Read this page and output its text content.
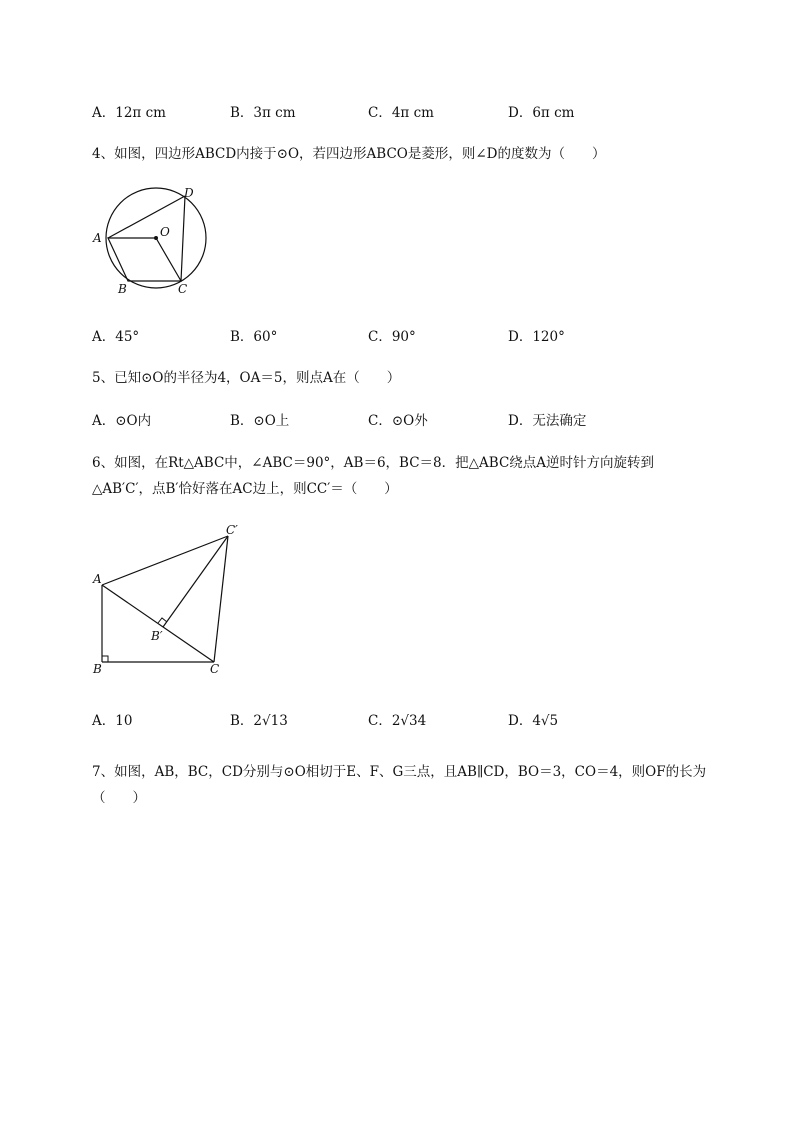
A．12π cm	B．3π cm	C．4π cm	D．6π cm
4、如图，四边形ABCD内接于⊙O，若四边形ABCO是菱形，则∠D的度数为（　　）
A
B	C
D
O
A．45°	B．60°	C．90°	D．120°
5、已知⊙O的半径为4，OA＝5，则点A在（　　）
A．⊙O内	B．⊙O上	C．⊙O外	D．无法确定
6、如图，在Rt△ABC中，∠ABC＝90°，AB＝6，BC＝8．把△ABC绕点A逆时针方向旋转到
△AB′C′，点B′恰好落在AC边上，则CC′＝（　　）
A
B	C
B′
C′
A．10	B．2√13	C．2√34	D．4√5
7、如图，AB，BC，CD分别与⊙O相切于E、F、G三点，且AB∥CD，BO＝3，CO＝4，则OF的长为
（　　）
